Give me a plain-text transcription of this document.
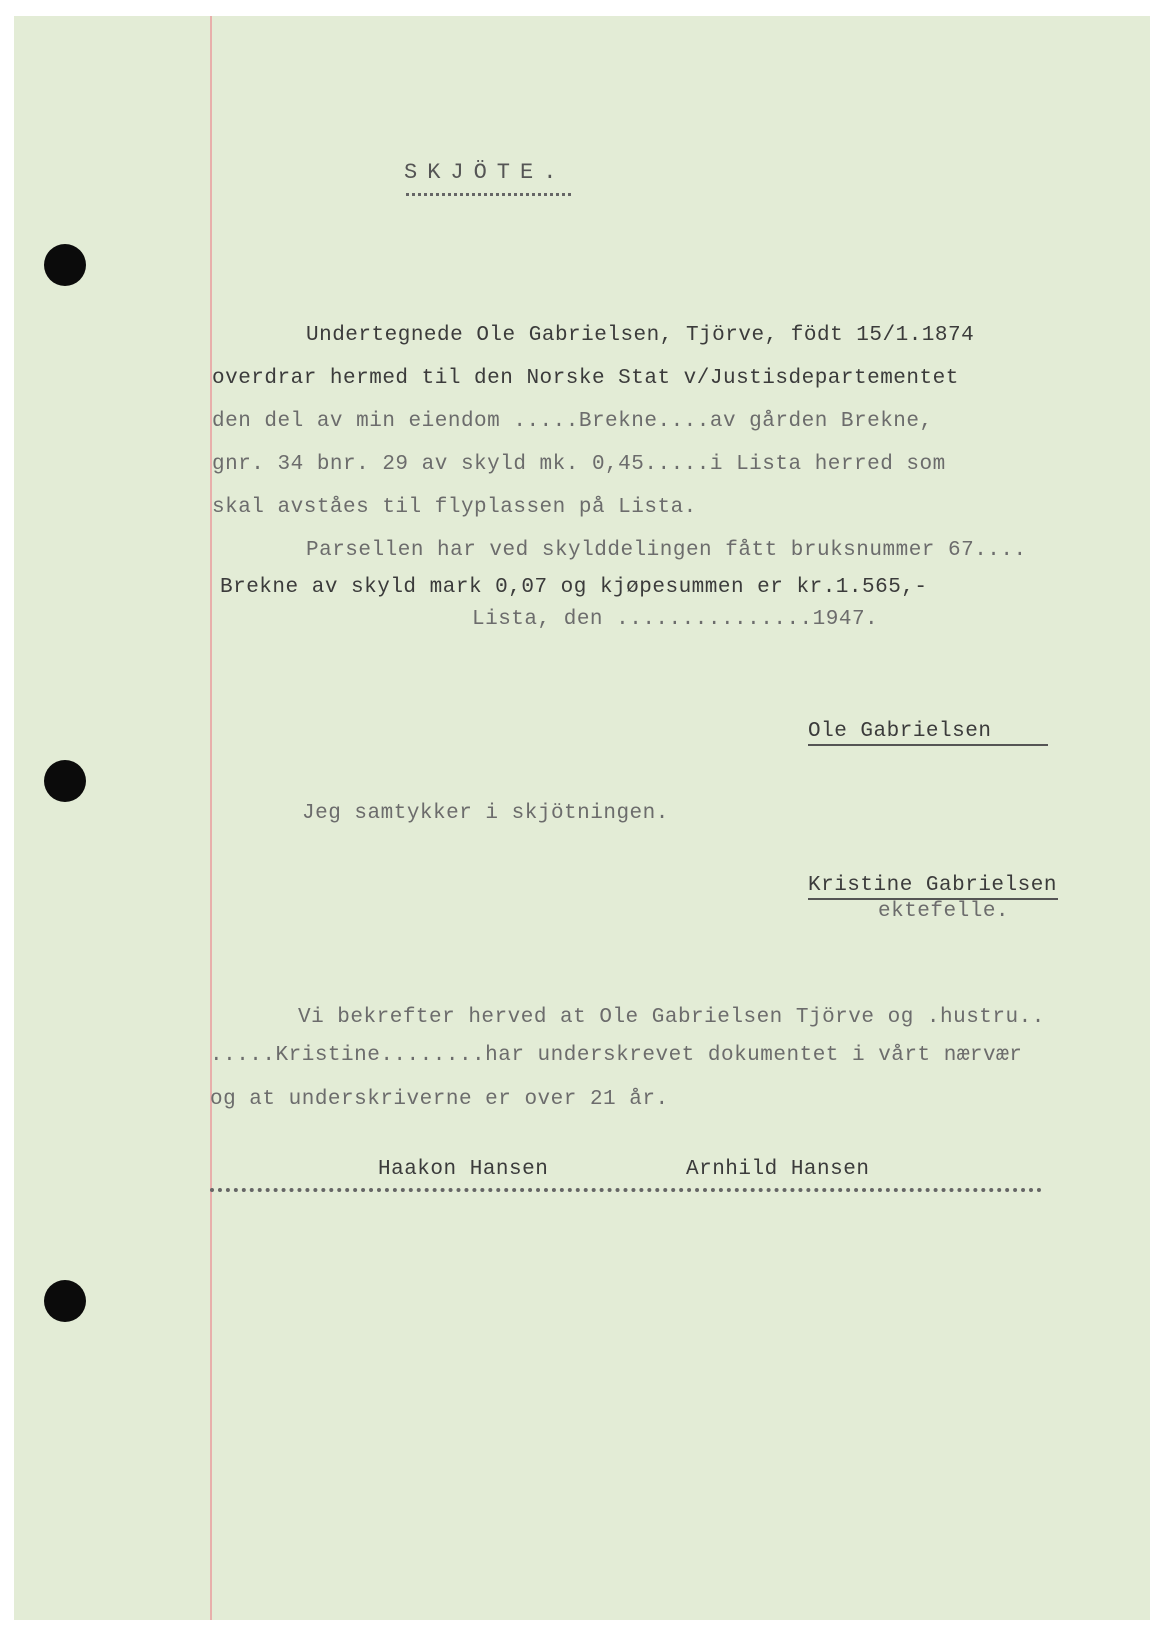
SKJÖTE.
Undertegnede Ole Gabrielsen, Tjörve, födt 15/1.1874
overdrar hermed til den Norske Stat v/Justisdepartementet
den del av min eiendom .....Brekne....av gården Brekne,
gnr. 34 bnr. 29 av skyld mk. 0,45.....i Lista herred som
skal avståes til flyplassen på Lista.
Parsellen har ved skylddelingen fått bruksnummer 67....
Brekne av skyld mark 0,07 og kjøpesummen er kr.1.565,-
Lista, den ...............1947.
Ole Gabrielsen
Jeg samtykker i skjötningen.
Kristine Gabrielsen
ektefelle.
Vi bekrefter herved at Ole Gabrielsen Tjörve og .hustru..
.....Kristine........har underskrevet dokumentet i vårt nærvær
og at underskriverne er over 21 år.
Haakon Hansen	Arnhild Hansen
